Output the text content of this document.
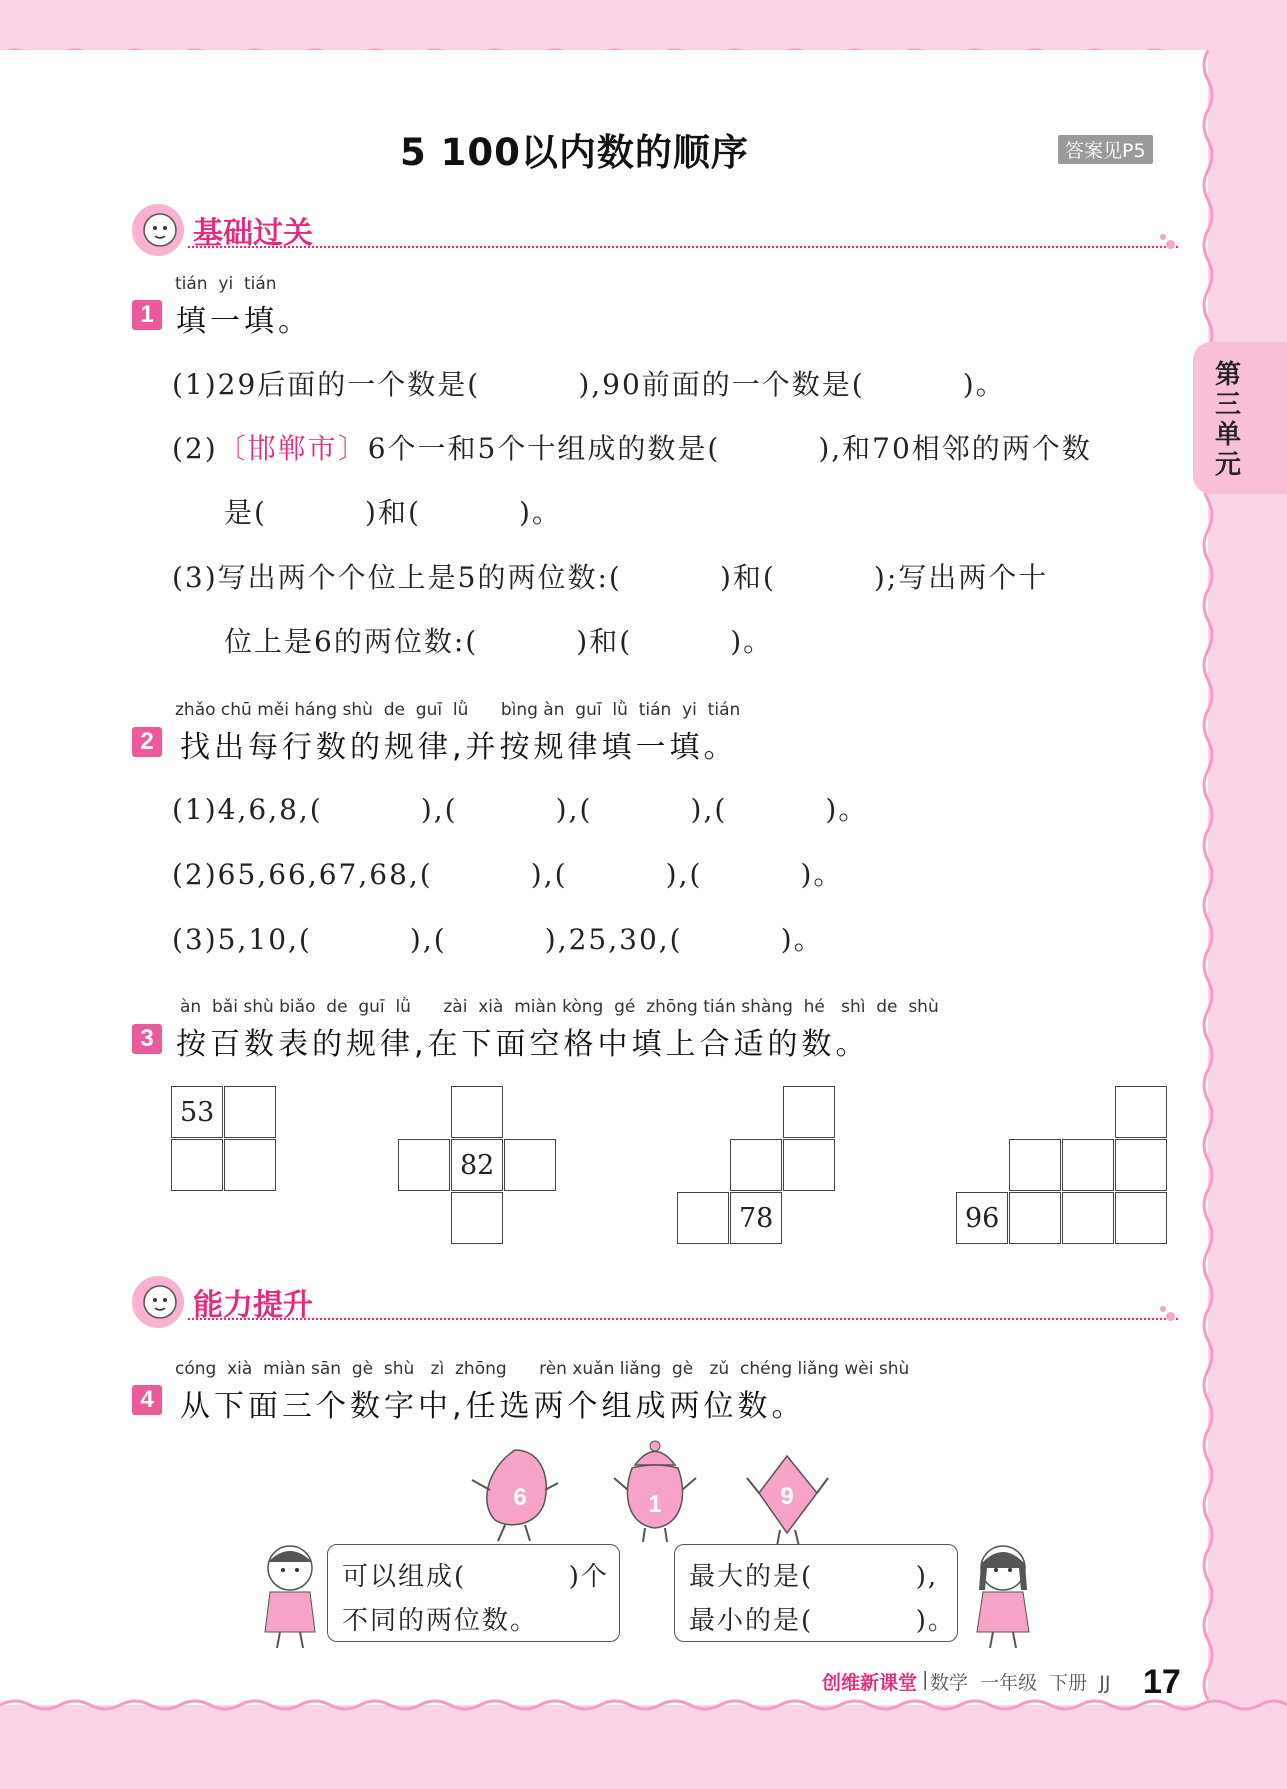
5 100以内数的顺序	答案见P5
第三单元
基础过关
tián  yi  tián
1 填一填。
(1)29后面的一个数是(         ),90前面的一个数是(         )。
(2)〔邯郸市〕6个一和5个十组成的数是(         ),和70相邻的两个数
是(         )和(         )。
(3)写出两个个位上是5的两位数:(         )和(         );写出两个十
位上是6的两位数:(         )和(         )。
zhǎo chū měi háng shù  de  guī  lǜ      bìng àn  guī  lǜ  tián  yi  tián
2 找出每行数的规律,并按规律填一填。
(1)4,6,8,(         ),(         ),(         ),(         )。
(2)65,66,67,68,(         ),(         ),(         )。
(3)5,10,(         ),(         ),25,30,(         )。
àn  bǎi shù biǎo  de  guī  lǜ      zài  xià  miàn kòng  gé  zhōng tián shàng  hé   shì  de  shù
3 按百数表的规律,在下面空格中填上合适的数。
53
82
78	96
能力提升
cóng  xià  miàn sān  gè  shù   zì  zhōng      rèn xuǎn liǎng  gè   zǔ  chéng liǎng wèi shù
4 从下面三个数字中,任选两个组成两位数。
6	1	9
可以组成(          )个
不同的两位数。
最大的是(          ),
最小的是(          )。
创维新课堂 | 数学  一年级  下册  JJ 17
